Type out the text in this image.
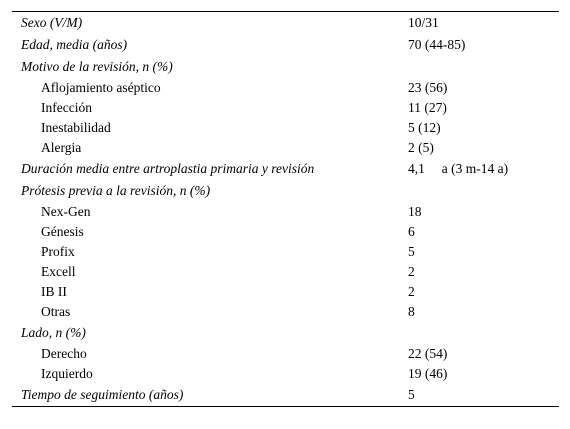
Sexo (V/M)	10/31
Edad, media (años)	70 (44-85)
Motivo de la revisión, n (%)
Aflojamiento aséptico	23 (56)
Infección	11 (27)
Inestabilidad	5 (12)
Alergia	2 (5)
Duración media entre artroplastia primaria y revisión	4,1     a (3 m-14 a)
Prótesis previa a la revisión, n (%)
Nex-Gen	18
Génesis	6
Profix	5
Excell	2
IB II	2
Otras	8
Lado, n (%)
Derecho	22 (54)
Izquierdo	19 (46)
Tiempo de seguimiento (años)	5
